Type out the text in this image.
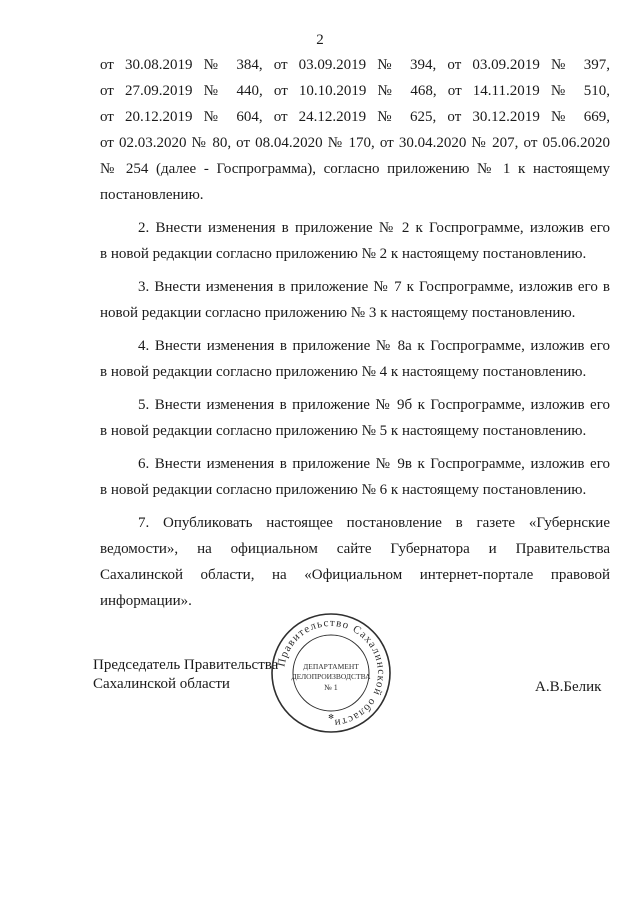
2
от 30.08.2019 № 384, от 03.09.2019 № 394, от 03.09.2019 № 397,
от 27.09.2019 № 440, от 10.10.2019 № 468, от 14.11.2019 № 510,
от 20.12.2019 № 604, от 24.12.2019 № 625, от 30.12.2019 № 669,
от 02.03.2020 № 80, от 08.04.2020 № 170, от 30.04.2020 № 207, от 05.06.2020
№ 254 (далее - Госпрограмма), согласно приложению № 1 к настоящему
постановлению.
2. Внести изменения в приложение № 2 к Госпрограмме, изложив его
в новой редакции согласно приложению № 2 к настоящему постановлению.
3. Внести изменения в приложение № 7 к Госпрограмме, изложив его в
новой редакции согласно приложению № 3 к настоящему постановлению.
4. Внести изменения в приложение № 8а к Госпрограмме, изложив его
в новой редакции согласно приложению № 4 к настоящему постановлению.
5. Внести изменения в приложение № 9б к Госпрограмме, изложив его
в новой редакции согласно приложению № 5 к настоящему постановлению.
6. Внести изменения в приложение № 9в к Госпрограмме, изложив его
в новой редакции согласно приложению № 6 к настоящему постановлению.
7. Опубликовать настоящее постановление в газете «Губернские
ведомости», на официальном сайте Губернатора и Правительства
Сахалинской области, на «Официальном интернет-портале правовой
информации».
Председатель Правительства
Сахалинской области	А.В.Белик
Правительство Сахалинской области
ДЕПАРТАМЕНТ
ДЕЛОПРОИЗВОДСТВА
№ 1
✻
